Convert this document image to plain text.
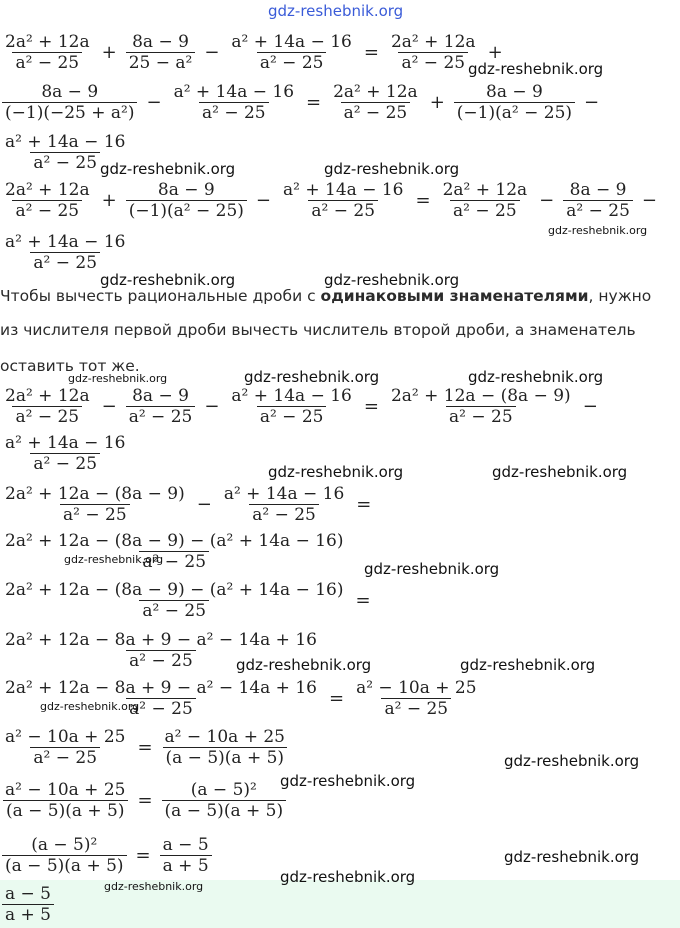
$\frac{\text{2a² + 12a}}{\text{a² − 25}} + \frac{8a - 9}{\text{25 − a²}} - \frac{\text{a² + 14a − 16}}{\text{a² − 25}} = \frac{\text{2a² + 12a}}{\text{a² − 25}}$ +
$\frac{8a - 9}{\text{(−1)(−25 + a²)}} - \frac{\text{a² + 14a − 16}}{\text{a² − 25}} = \frac{\text{2a² + 12a}}{\text{a² − 25}} + \frac{8a - 9}{\text{(−1)(a² − 25)}}$ −
$\frac{\text{a² + 14a − 16}}{\text{a² − 25}}$
$\frac{\text{2a² + 12a}}{\text{a² − 25}} + \frac{8a - 9}{\text{(−1)(a² − 25)}} - \frac{\text{a² + 14a − 16}}{\text{a² − 25}} = \frac{\text{2a² + 12a}}{\text{a² − 25}} - \frac{8a - 9}{\text{a² − 25}}$ −
$\frac{\text{a² + 14a − 16}}{\text{a² − 25}}$
Чтобы вычесть рациональные дроби с одинаковыми знаменателями, нужно
из числителя первой дроби вычесть числитель второй дроби, а знаменатель
оставить тот же.
$\frac{\text{2a² + 12a}}{\text{a² − 25}} - \frac{8a - 9}{\text{a² − 25}} - \frac{\text{a² + 14a − 16}}{\text{a² − 25}} = \frac{\text{2a² + 12a − (8a − 9)}}{\text{a² − 25}}$ −
$\frac{\text{a² + 14a − 16}}{\text{a² − 25}}$
$\frac{\text{2a² + 12a − (8a − 9)}}{\text{a² − 25}} - \frac{\text{a² + 14a − 16}}{\text{a² − 25}}$ =
$\frac{\text{2a² + 12a − (8a − 9) − (a² + 14a − 16)}}{\text{a² − 25}}$
$\frac{\text{2a² + 12a − (8a − 9) − (a² + 14a − 16)}}{\text{a² − 25}}$ =
$\frac{\text{2a² + 12a − 8a + 9 − a² − 14a + 16}}{\text{a² − 25}}$
$\frac{\text{2a² + 12a − 8a + 9 − a² − 14a + 16}}{\text{a² − 25}} = \frac{\text{a² − 10a + 25}}{\text{a² − 25}}$
$\frac{\text{a² − 10a + 25}}{\text{a² − 25}} = \frac{\text{a² − 10a + 25}}{(a - 5)(a + 5)}$
$\frac{\text{a² − 10a + 25}}{(a - 5)(a + 5)} = \frac{\text{(a − 5)²}}{(a - 5)(a + 5)}$
$\frac{\text{(a − 5)²}}{(a - 5)(a + 5)} = \frac{a - 5}{a + 5}$
$\frac{a - 5}{a + 5}$
gdz-reshebnik.org
gdz-reshebnik.org
gdz-reshebnik.org	gdz-reshebnik.org
gdz-reshebnik.org
gdz-reshebnik.org	gdz-reshebnik.org
gdz-reshebnik.org	gdz-reshebnik.org	gdz-reshebnik.org
gdz-reshebnik.org	gdz-reshebnik.org
gdz-reshebnik.org
gdz-reshebnik.org
gdz-reshebnik.org	gdz-reshebnik.org
gdz-reshebnik.org
gdz-reshebnik.org
gdz-reshebnik.org
gdz-reshebnik.org
gdz-reshebnik.org
gdz-reshebnik.org
